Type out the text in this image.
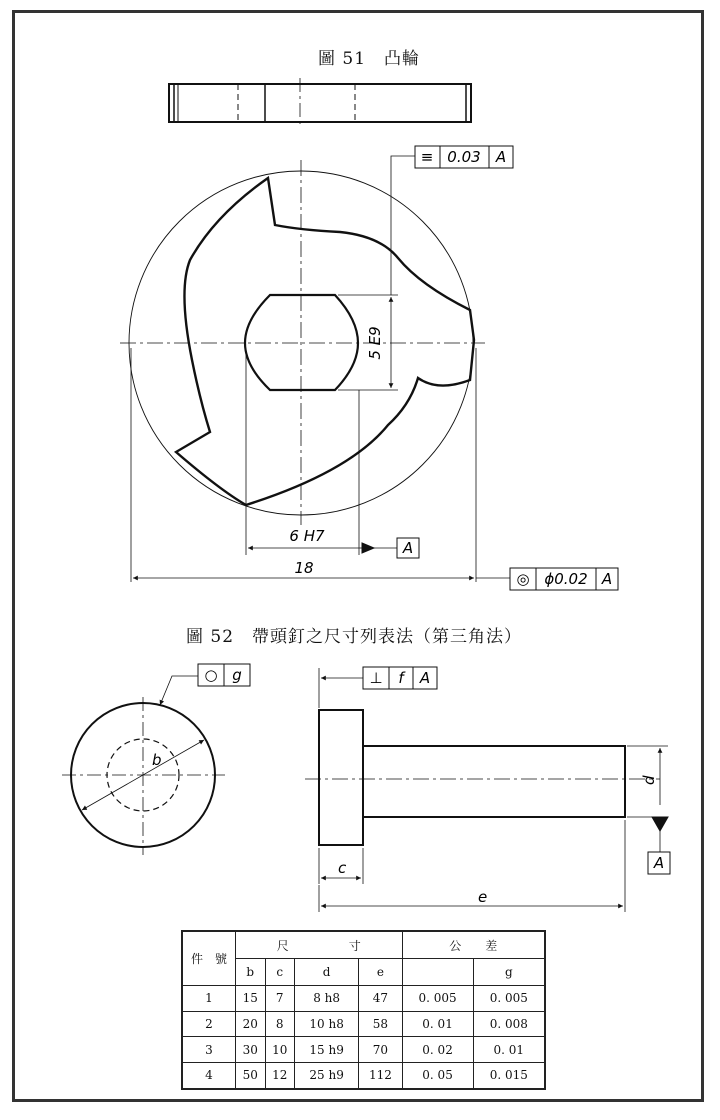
圖 51　凸輪
圖 52　帶頭釘之尺寸列表法（第三角法）
≡ 0.03 A
5 E9
6 H7
A
18
◎ ϕ0.02 A
b
○ g	⊥ f A
c
e
d
A
件　號	尺　　　　　寸				公　　差	
	b	c	d	e		g
1	15	7	8 h8	47	0. 005	0. 005
2	20	8	10 h8	58	0. 01	0. 008
3	30	10	15 h9	70	0. 02	0. 01
4	50	12	25 h9	112	0. 05	0. 015
